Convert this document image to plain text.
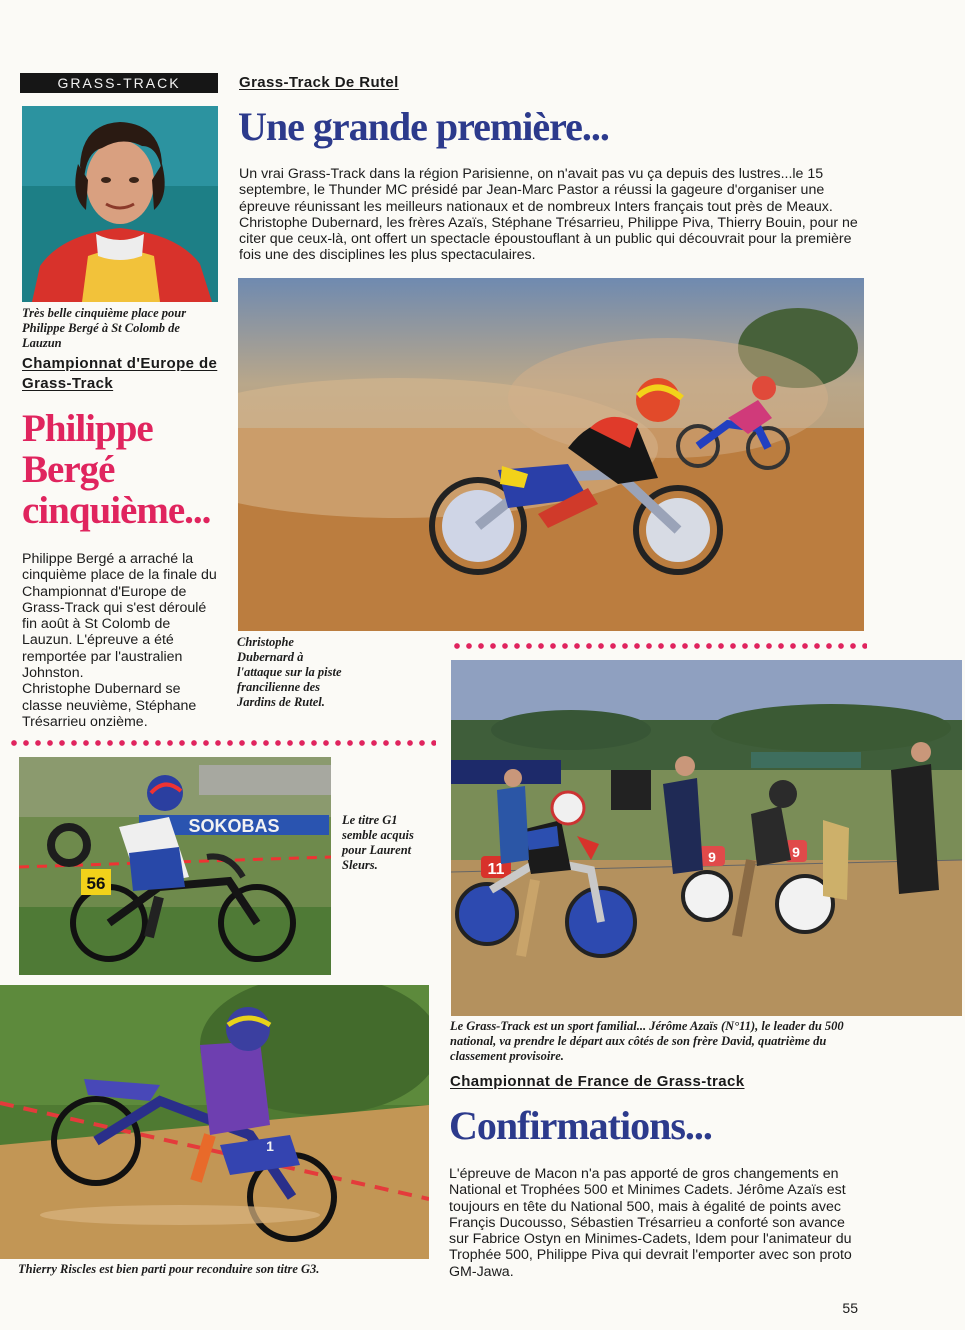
GRASS-TRACK
Très belle cinquième place pour Philippe Bergé à St Colomb de Lauzun
Championnat d'Europe de Grass-Track
Philippe
Bergé
cinquième...
Philippe Bergé a arraché la cinquième place de la finale du Championnat d'Europe de Grass-Track qui s'est déroulé fin août à St Colomb de Lauzun. L'épreuve a été remportée par l'australien Johnston.
Christophe Dubernard se classe neuvième, Stéphane Trésarrieu onzième.
Grass-Track De Rutel
Une grande première...
Un vrai Grass-Track dans la région Parisienne, on n'avait pas vu ça depuis des lustres...le 15 septembre, le Thunder MC présidé par Jean-Marc Pastor a réussi la gageure d'organiser une épreuve réunissant les meilleurs nationaux et de nombreux Inters français tout près de Meaux. Christophe Dubernard, les frères Azaïs, Stéphane Trésarrieu, Philippe Piva, Thierry Bouin, pour ne citer que ceux-là, ont offert un spectacle époustouflant à un public qui découvrait pour la première fois une des disciplines les plus spectaculaires.
Christophe Dubernard à l'attaque sur la piste francilienne des Jardins de Rutel.
11
9	9
Le Grass-Track est un sport familial... Jérôme Azaïs (N°11), le leader du 500 national, va prendre le départ aux côtés de son frère David, quatrième du classement provisoire.
SOKOBAS
56
Le titre G1 semble acquis pour Laurent Sleurs.
1
Thierry Riscles est bien parti pour reconduire son titre G3.
Championnat de France de Grass-track
Confirmations...
L'épreuve de Macon n'a pas apporté de gros changements en National et Trophées 500 et Minimes Cadets. Jérôme Azaïs est toujours en tête du National 500, mais à égalité de points avec Françis Ducousso, Sébastien Trésarrieu a conforté son avance sur Fabrice Ostyn en Minimes-Cadets, Idem pour l'animateur du Trophée 500, Philippe Piva qui devrait l'emporter avec son proto GM-Jawa.
55
